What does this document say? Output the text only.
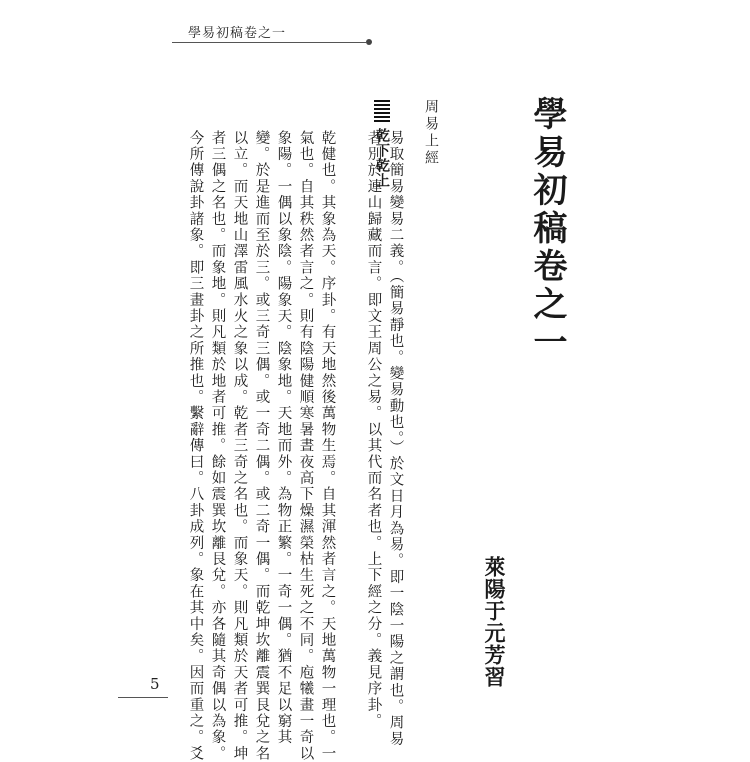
學易初稿卷之一
學易初稿卷之一
萊陽于元芳習
周易上經
易取簡易變易二義。（簡易靜也。變易動也。）於文日月為易。即一陰一陽之謂也。周易
者別於連山歸藏而言。即文王周公之易。以其代而名者也。上下經之分。義見序卦。
乾下乾上
乾健也。其象為天。序卦。有天地然後萬物生焉。自其渾然者言之。天地萬物一理也。一
氣也。自其秩然者言之。則有陰陽健順寒暑晝夜高下燥濕榮枯生死之不同。庖犧畫一奇以
象陽。一偶以象陰。陽象天。陰象地。天地而外。為物正繁。一奇一偶。猶不足以窮其
變。於是進而至於三。或三奇三偶。或一奇二偶。或二奇一偶。而乾坤坎離震巽艮兌之名
以立。而天地山澤雷風水火之象以成。乾者三奇之名也。而象天。則凡類於天者可推。坤
者三偶之名也。而象地。則凡類於地者可推。餘如震巽坎離艮兌。亦各隨其奇偶以為象。
今所傳說卦諸象。即三畫卦之所推也。繫辭傳曰。八卦成列。象在其中矣。因而重之。爻
5
